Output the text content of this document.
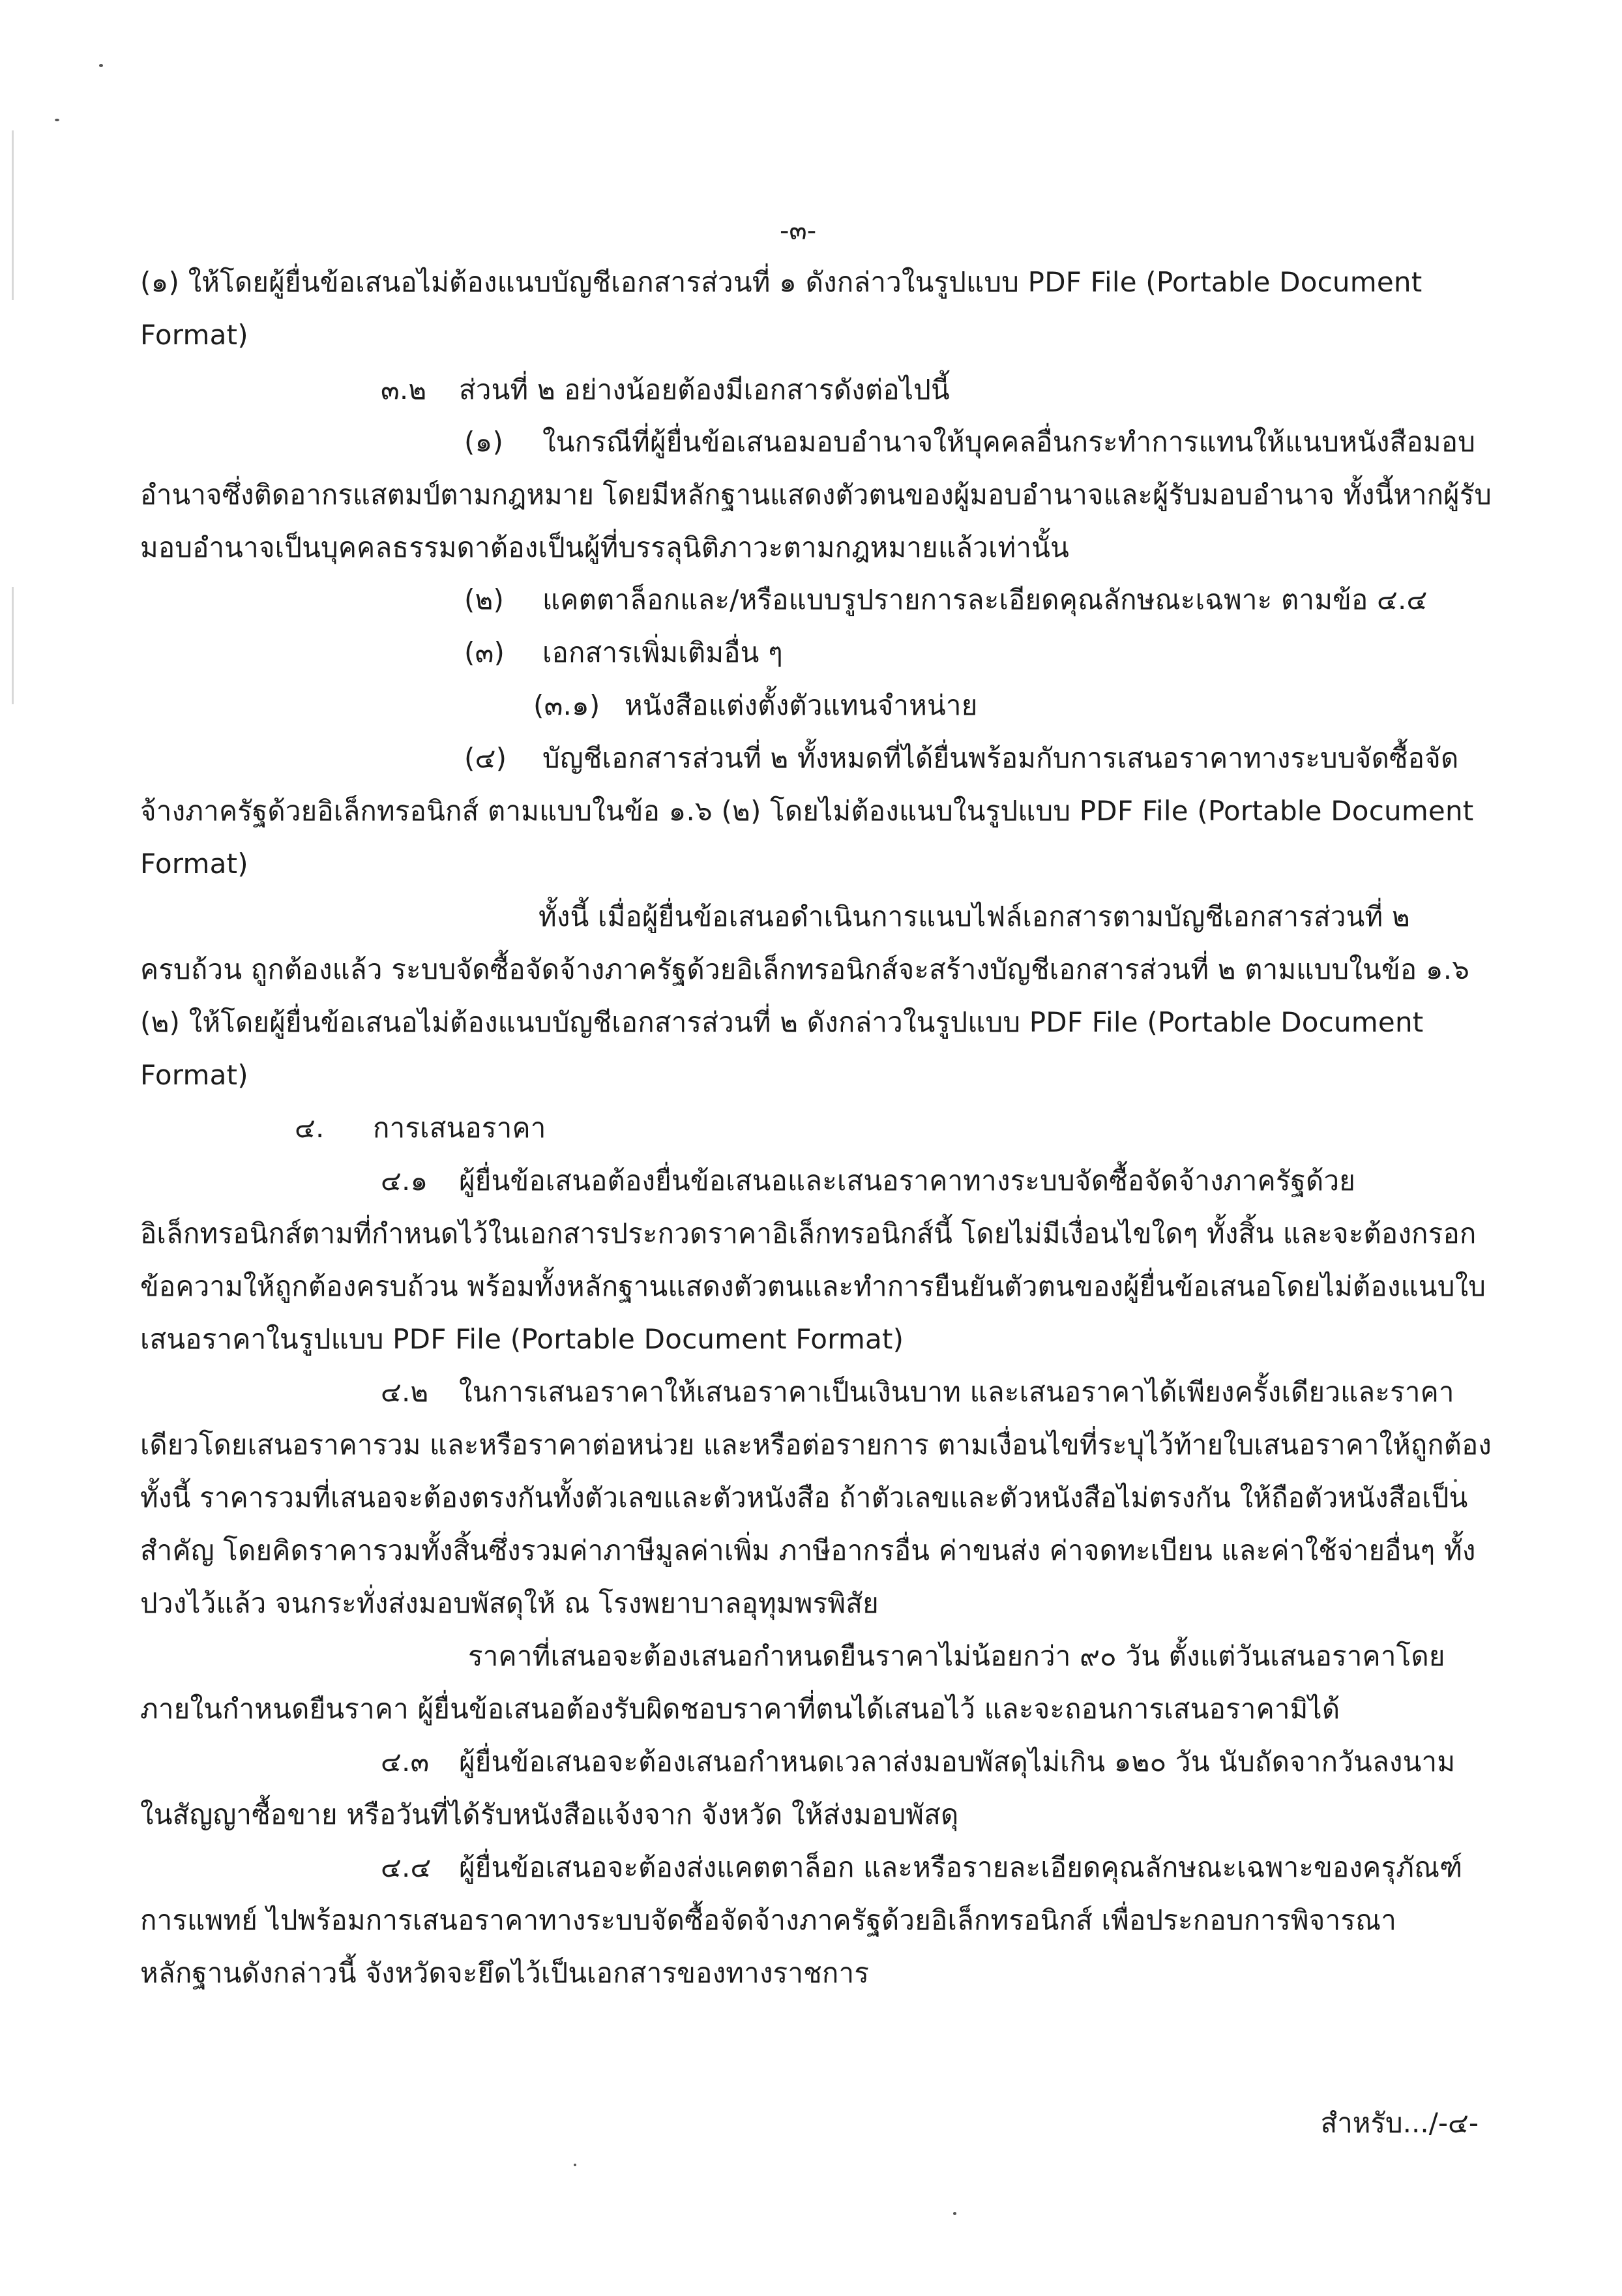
-๓-
(๑) ให้โดยผู้ยื่นข้อเสนอไม่ต้องแนบบัญชีเอกสารส่วนที่ ๑ ดังกล่าวในรูปแบบ PDF File (Portable Document
Format)
๓.๒ ส่วนที่ ๒ อย่างน้อยต้องมีเอกสารดังต่อไปนี้
(๑) ในกรณีที่ผู้ยื่นข้อเสนอมอบอำนาจให้บุคคลอื่นกระทำการแทนให้แนบหนังสือมอบ
อำนาจซึ่งติดอากรแสตมป์ตามกฎหมาย โดยมีหลักฐานแสดงตัวตนของผู้มอบอำนาจและผู้รับมอบอำนาจ ทั้งนี้หากผู้รับ
มอบอำนาจเป็นบุคคลธรรมดาต้องเป็นผู้ที่บรรลุนิติภาวะตามกฎหมายแล้วเท่านั้น
(๒) แคตตาล็อกและ/หรือแบบรูปรายการละเอียดคุณลักษณะเฉพาะ ตามข้อ ๔.๔
(๓) เอกสารเพิ่มเติมอื่น ๆ
(๓.๑) หนังสือแต่งตั้งตัวแทนจำหน่าย
(๔) บัญชีเอกสารส่วนที่ ๒ ทั้งหมดที่ได้ยื่นพร้อมกับการเสนอราคาทางระบบจัดซื้อจัด
จ้างภาครัฐด้วยอิเล็กทรอนิกส์ ตามแบบในข้อ ๑.๖ (๒) โดยไม่ต้องแนบในรูปแบบ PDF File (Portable Document
Format)
ทั้งนี้ เมื่อผู้ยื่นข้อเสนอดำเนินการแนบไฟล์เอกสารตามบัญชีเอกสารส่วนที่ ๒
ครบถ้วน ถูกต้องแล้ว ระบบจัดซื้อจัดจ้างภาครัฐด้วยอิเล็กทรอนิกส์จะสร้างบัญชีเอกสารส่วนที่ ๒ ตามแบบในข้อ ๑.๖
(๒) ให้โดยผู้ยื่นข้อเสนอไม่ต้องแนบบัญชีเอกสารส่วนที่ ๒ ดังกล่าวในรูปแบบ PDF File (Portable Document
Format)
๔. การเสนอราคา
๔.๑ ผู้ยื่นข้อเสนอต้องยื่นข้อเสนอและเสนอราคาทางระบบจัดซื้อจัดจ้างภาครัฐด้วย
อิเล็กทรอนิกส์ตามที่กำหนดไว้ในเอกสารประกวดราคาอิเล็กทรอนิกส์นี้ โดยไม่มีเงื่อนไขใดๆ ทั้งสิ้น และจะต้องกรอก
ข้อความให้ถูกต้องครบถ้วน พร้อมทั้งหลักฐานแสดงตัวตนและทำการยืนยันตัวตนของผู้ยื่นข้อเสนอโดยไม่ต้องแนบใบ
เสนอราคาในรูปแบบ PDF File (Portable Document Format)
๔.๒ ในการเสนอราคาให้เสนอราคาเป็นเงินบาท และเสนอราคาได้เพียงครั้งเดียวและราคา
เดียวโดยเสนอราคารวม และหรือราคาต่อหน่วย และหรือต่อรายการ ตามเงื่อนไขที่ระบุไว้ท้ายใบเสนอราคาให้ถูกต้อง
ทั้งนี้ ราคารวมที่เสนอจะต้องตรงกันทั้งตัวเลขและตัวหนังสือ ถ้าตัวเลขและตัวหนังสือไม่ตรงกัน ให้ถือตัวหนังสือเป็น
สำคัญ โดยคิดราคารวมทั้งสิ้นซึ่งรวมค่าภาษีมูลค่าเพิ่ม ภาษีอากรอื่น ค่าขนส่ง ค่าจดทะเบียน และค่าใช้จ่ายอื่นๆ ทั้ง
ปวงไว้แล้ว จนกระทั่งส่งมอบพัสดุให้ ณ โรงพยาบาลอุทุมพรพิสัย
ราคาที่เสนอจะต้องเสนอกำหนดยืนราคาไม่น้อยกว่า ๙๐ วัน ตั้งแต่วันเสนอราคาโดย
ภายในกำหนดยืนราคา ผู้ยื่นข้อเสนอต้องรับผิดชอบราคาที่ตนได้เสนอไว้ และจะถอนการเสนอราคามิได้
๔.๓ ผู้ยื่นข้อเสนอจะต้องเสนอกำหนดเวลาส่งมอบพัสดุไม่เกิน ๑๒๐ วัน นับถัดจากวันลงนาม
ในสัญญาซื้อขาย หรือวันที่ได้รับหนังสือแจ้งจาก จังหวัด ให้ส่งมอบพัสดุ
๔.๔ ผู้ยื่นข้อเสนอจะต้องส่งแคตตาล็อก และหรือรายละเอียดคุณลักษณะเฉพาะของครุภัณฑ์
การแพทย์ ไปพร้อมการเสนอราคาทางระบบจัดซื้อจัดจ้างภาครัฐด้วยอิเล็กทรอนิกส์ เพื่อประกอบการพิจารณา
หลักฐานดังกล่าวนี้ จังหวัดจะยึดไว้เป็นเอกสารของทางราชการ
สำหรับ.../-๔-
